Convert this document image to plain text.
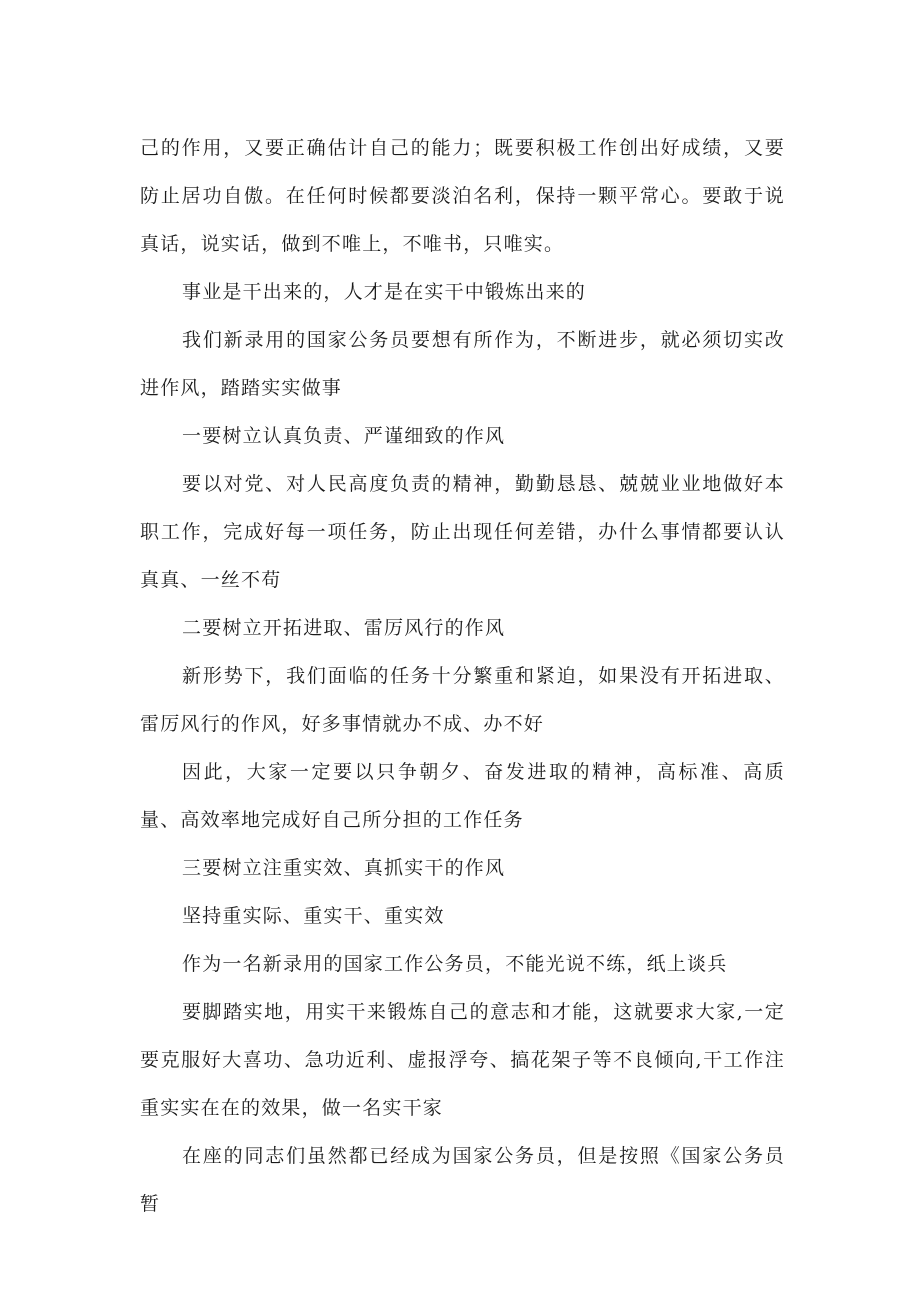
己的作用，又要正确估计自己的能力；既要积极工作创出好成绩，又要防止居功自傲。在任何时候都要淡泊名利，保持一颗平常心。要敢于说真话，说实话，做到不唯上，不唯书，只唯实。

事业是干出来的，人才是在实干中锻炼出来的

我们新录用的国家公务员要想有所作为，不断进步，就必须切实改进作风，踏踏实实做事

一要树立认真负责、严谨细致的作风

要以对党、对人民高度负责的精神，勤勤恳恳、兢兢业业地做好本职工作，完成好每一项任务，防止出现任何差错，办什么事情都要认认真真、一丝不苟

二要树立开拓进取、雷厉风行的作风

新形势下，我们面临的任务十分繁重和紧迫，如果没有开拓进取、雷厉风行的作风，好多事情就办不成、办不好

因此，大家一定要以只争朝夕、奋发进取的精神，高标准、高质量、高效率地完成好自己所分担的工作任务

三要树立注重实效、真抓实干的作风

坚持重实际、重实干、重实效

作为一名新录用的国家工作公务员，不能光说不练，纸上谈兵

要脚踏实地，用实干来锻炼自己的意志和才能，这就要求大家,一定要克服好大喜功、急功近利、虚报浮夸、搞花架子等不良倾向,干工作注重实实在在的效果，做一名实干家

在座的同志们虽然都已经成为国家公务员，但是按照《国家公务员暂
